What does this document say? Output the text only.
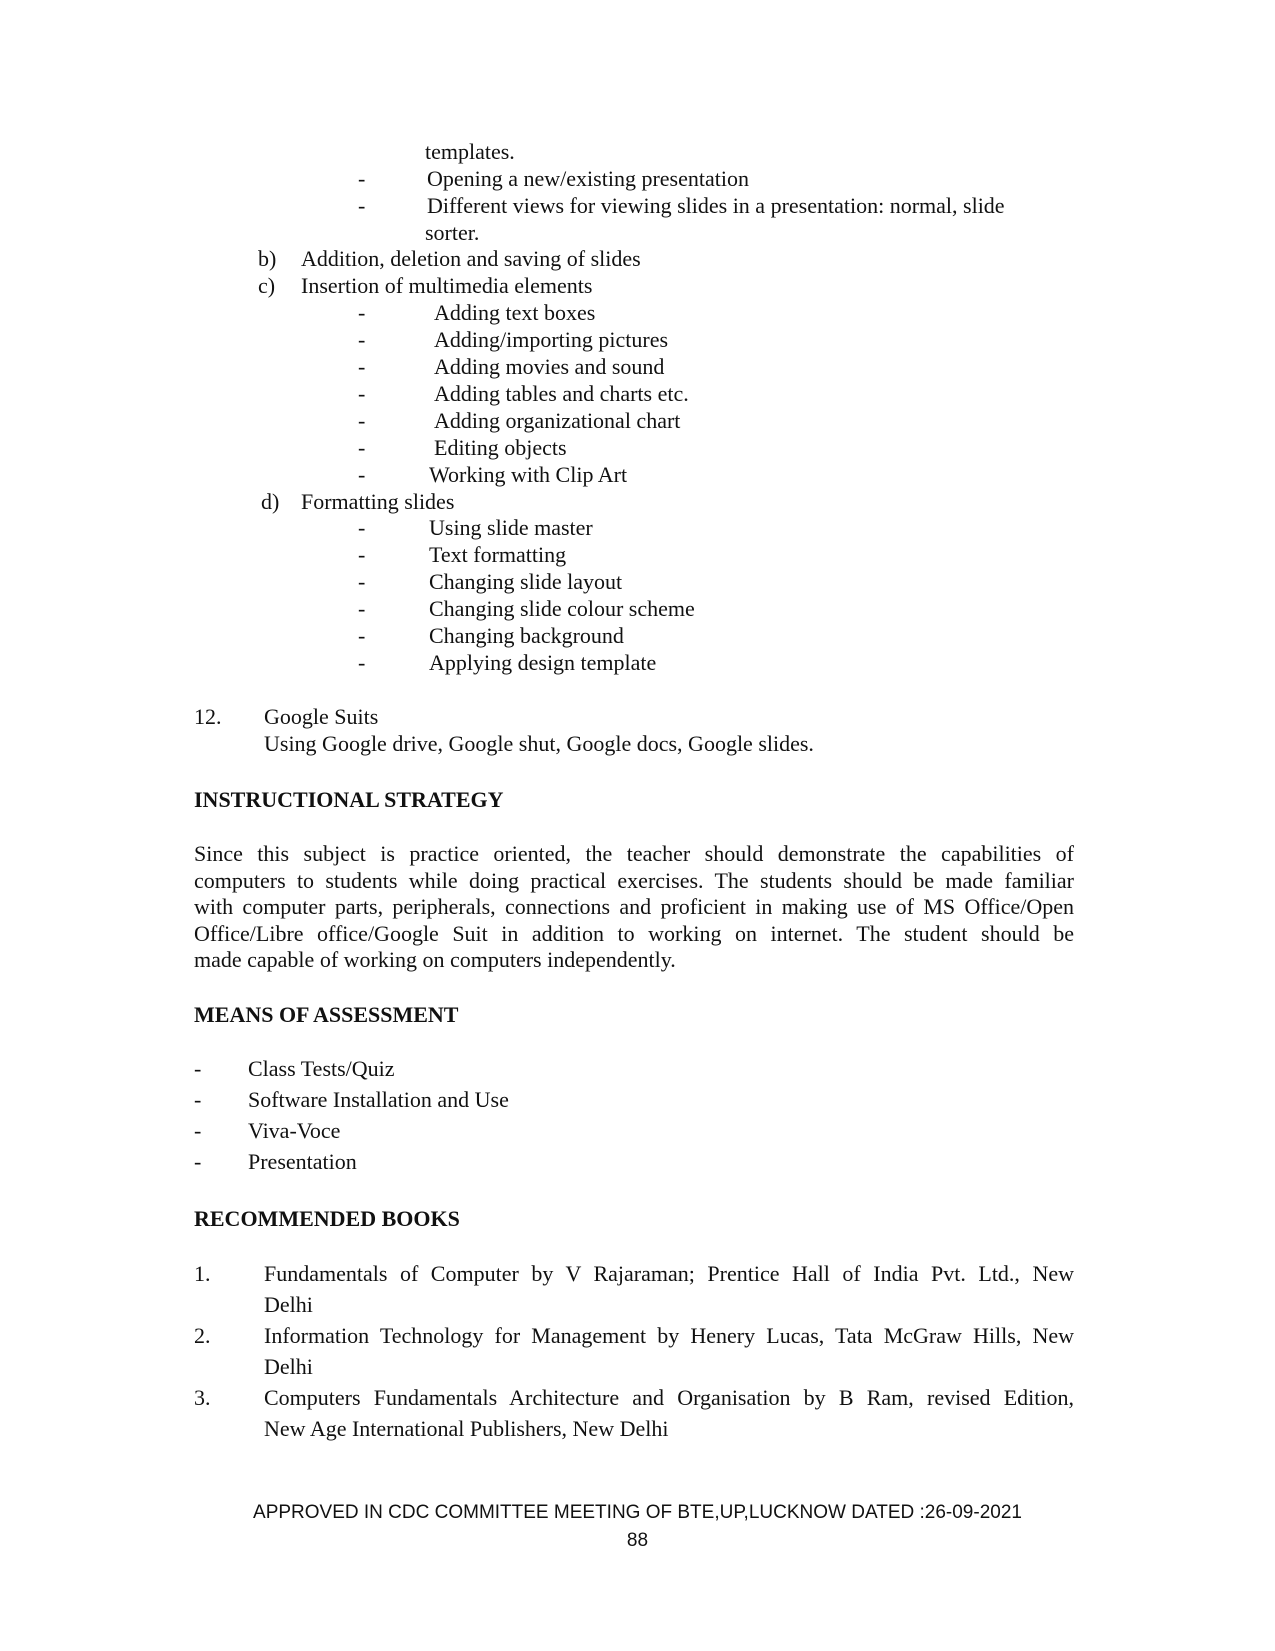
templates.
-	Opening a new/existing presentation
-	Different views for viewing slides in a presentation: normal, slide
sorter.
b) Addition, deletion and saving of slides
c) Insertion of multimedia elements
-	Adding text boxes
-	Adding/importing pictures
-	Adding movies and sound
-	Adding tables and charts etc.
-	Adding organizational chart
-	Editing objects
-	Working with Clip Art
d) Formatting slides
-	Using slide master
-	Text formatting
-	Changing slide layout
-	Changing slide colour scheme
-	Changing background
-	Applying design template
12. Google Suits
Using Google drive, Google shut, Google docs, Google slides.
INSTRUCTIONAL STRATEGY
Since this subject is practice oriented, the teacher should demonstrate the capabilities of
computers to students while doing practical exercises. The students should be made familiar
with computer parts, peripherals, connections and proficient in making use of MS Office/Open
Office/Libre office/Google Suit in addition to working on internet. The student should be
made capable of working on computers independently.
MEANS OF ASSESSMENT
-	Class Tests/Quiz
-	Software Installation and Use
-	Viva-Voce
-	Presentation
RECOMMENDED BOOKS
1. Fundamentals of Computer by V Rajaraman; Prentice Hall of India Pvt. Ltd., New
Delhi
2. Information Technology for Management by Henery Lucas, Tata McGraw Hills, New
Delhi
3. Computers Fundamentals Architecture and Organisation by B Ram, revised Edition,
New Age International Publishers, New Delhi
APPROVED IN CDC COMMITTEE MEETING OF BTE,UP,LUCKNOW DATED :26-09-2021
88
